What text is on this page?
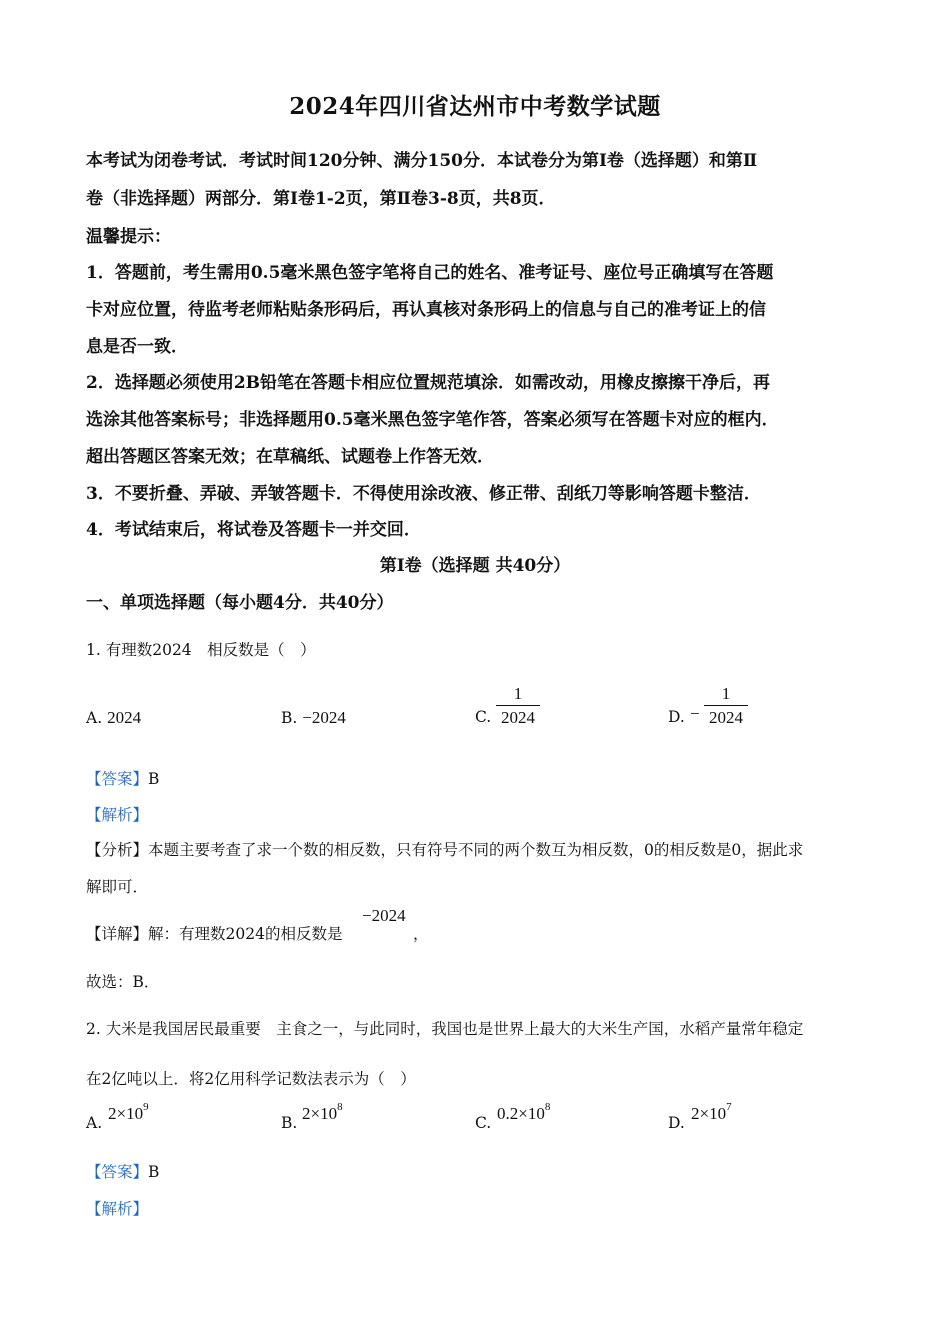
2024年四川省达州市中考数学试题
本考试为闭卷考试．考试时间120分钟、满分150分．本试卷分为第Ⅰ卷（选择题）和第Ⅱ
卷（非选择题）两部分．第Ⅰ卷1-2页，第Ⅱ卷3-8页，共8页．
温馨提示：
1．答题前，考生需用0.5毫米黑色签字笔将自己的姓名、准考证号、座位号正确填写在答题
卡对应位置，待监考老师粘贴条形码后，再认真核对条形码上的信息与自己的准考证上的信
息是否一致．
2．选择题必须使用2B铅笔在答题卡相应位置规范填涂．如需改动，用橡皮擦擦干净后，再
选涂其他答案标号；非选择题用0.5毫米黑色签字笔作答，答案必须写在答题卡对应的框内．
超出答题区答案无效；在草稿纸、试题卷上作答无效．
3．不要折叠、弄破、弄皱答题卡．不得使用涂改液、修正带、刮纸刀等影响答题卡整洁．
4．考试结束后，将试卷及答题卡一并交回．
第Ⅰ卷（选择题 共40分）
一、单项选择题（每小题4分．共40分）
1. 有理数2024　相反数是（　）
A. 2024	B. −2024	C.
1
2024	D. −
1
2024
【答案】B
【解析】
【分析】本题主要考查了求一个数的相反数，只有符号不同的两个数互为相反数，0的相反数是0，据此求
解即可．
【详解】解：有理数2024的相反数是
−2024
，
故选：B．
2. 大米是我国居民最重要　主食之一，与此同时，我国也是世界上最大的大米生产国，水稻产量常年稳定
在2亿吨以上．将2亿用科学记数法表示为（　）
A. $2\times 10^9$
B. $2\times 10^8$
C. $0.2\times 10^8$
D. $2\times 10^7$
【答案】B
【解析】
